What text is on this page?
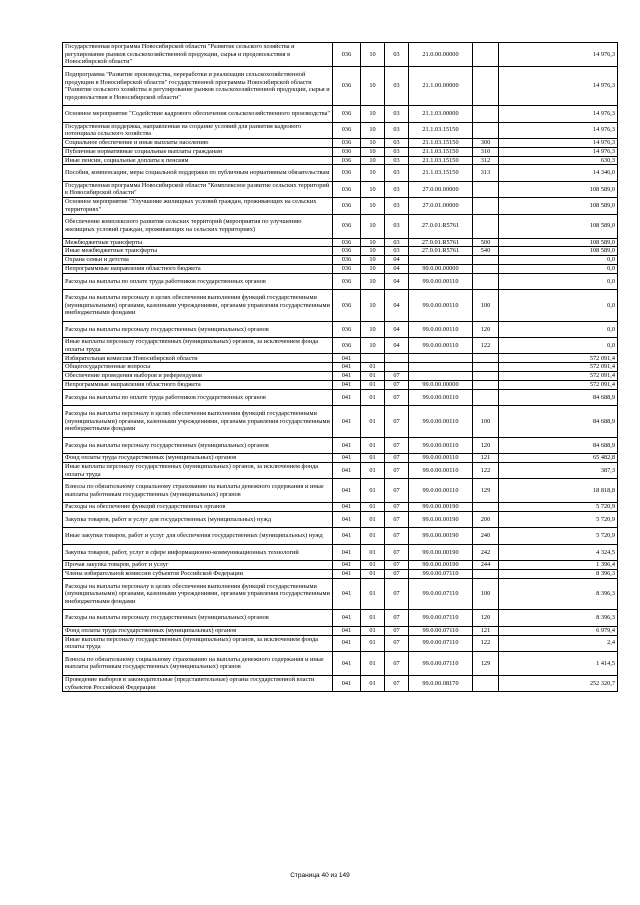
Государственная программа Новосибирской области "Развитие сельского хозяйства и регулирование рынков сельскохозяйственной продукции, сырья и продовольствия в Новосибирской области"	036	10	03	21.0.00.00000		14 976,3
Подпрограмма "Развитие производства, переработки и реализации сельскохозяйственной продукции в Новосибирской области" государственной программы Новосибирской области "Развитие сельского хозяйства и регулирование рынков сельскохозяйственной продукции, сырья и продовольствия в Новосибирской области"	036	10	03	21.1.00.00000		14 976,3
Основное мероприятие "Содействие кадрового обеспечения сельскохозяйственного производства"	036	10	03	21.1.03.00000		14 976,3
Государственная поддержка, направленная на создание условий для развития кадрового потенциала сельского хозяйства	036	10	03	21.1.03.15150		14 976,3
Социальное обеспечение и иные выплаты населению	036	10	03	21.1.03.15150	300	14 976,3
Публичные нормативные социальные выплаты гражданам	036	10	03	21.1.03.15150	310	14 976,3
Иные пенсии, социальные доплаты к пенсиям	036	10	03	21.1.03.15150	312	630,3
Пособия, компенсации, меры социальной поддержки по публичным нормативным обязательствам	036	10	03	21.1.03.15150	313	14 346,0
Государственная программа Новосибирской области "Комплексное развитие сельских территорий в Новосибирской области"	036	10	03	27.0.00.00000		108 589,0
Основное мероприятие "Улучшение жилищных условий граждан, проживающих на сельских территориях"	036	10	03	27.0.01.00000		108 589,0
Обеспечение комплексного развития сельских территорий (мероприятия по улучшению жилищных условий граждан, проживающих на сельских территориях)	036	10	03	27.0.01.R5761		108 589,0
Межбюджетные трансферты	036	10	03	27.0.01.R5761	500	108 589,0
Иные межбюджетные трансферты	036	10	03	27.0.01.R5761	540	108 589,0
Охрана семьи и детства	036	10	04			0,0
Непрограммные направления областного бюджета	036	10	04	99.0.00.00000		0,0
Расходы на выплаты по оплате труда работников государственных органов	036	10	04	99.0.00.00110		0,0
Расходы на выплаты персоналу в целях обеспечения выполнения функций государственными (муниципальными) органами, казенными учреждениями, органами управления государственными внебюджетными фондами	036	10	04	99.0.00.00110	100	0,0
Расходы на выплаты персоналу государственных (муниципальных) органов	036	10	04	99.0.00.00110	120	0,0
Иные выплаты персоналу государственных (муниципальных) органов, за исключением фонда оплаты труда	036	10	04	99.0.00.00110	122	0,0
Избирательная комиссия Новосибирской области	041					572 091,4
Общегосударственные вопросы	041	01				572 091,4
Обеспечение проведения выборов и референдумов	041	01	07			572 091,4
Непрограммные направления областного бюджета	041	01	07	99.0.00.00000		572 091,4
Расходы на выплаты по оплате труда работников государственных органов	041	01	07	99.0.00.00110		84 688,9
Расходы на выплаты персоналу в целях обеспечения выполнения функций государственными (муниципальными) органами, казенными учреждениями, органами управления государственными внебюджетными фондами	041	01	07	99.0.00.00110	100	84 688,9
Расходы на выплаты персоналу государственных (муниципальных) органов	041	01	07	99.0.00.00110	120	84 688,9
Фонд оплаты труда государственных (муниципальных) органов	041	01	07	99.0.00.00110	121	65 482,8
Иные выплаты персоналу государственных (муниципальных) органов, за исключением фонда оплаты труда	041	01	07	99.0.00.00110	122	387,3
Взносы по обязательному социальному страхованию на выплаты денежного содержания и иные выплаты работникам государственных (муниципальных) органов	041	01	07	99.0.00.00110	129	18 818,8
Расходы на обеспечение функций государственных органов	041	01	07	99.0.00.00190		5 720,9
Закупка товаров, работ и услуг для государственных (муниципальных) нужд	041	01	07	99.0.00.00190	200	5 720,9
Иные закупки товаров, работ и услуг для обеспечения государственных (муниципальных) нужд	041	01	07	99.0.00.00190	240	5 720,9
Закупка товаров, работ, услуг в сфере информационно-коммуникационных технологий	041	01	07	99.0.00.00190	242	4 324,5
Прочая закупка товаров, работ и услуг	041	01	07	99.0.00.00190	244	1 396,4
Члены избирательной комиссии субъектов Российской Федерации	041	01	07	99.0.00.07110		8 396,3
Расходы на выплаты персоналу в целях обеспечения выполнения функций государственными (муниципальными) органами, казенными учреждениями, органами управления государственными внебюджетными фондами	041	01	07	99.0.00.07110	100	8 396,3
Расходы на выплаты персоналу государственных (муниципальных) органов	041	01	07	99.0.00.07110	120	8 396,3
Фонд оплаты труда государственных (муниципальных) органов	041	01	07	99.0.00.07110	121	6 979,4
Иные выплаты персоналу государственных (муниципальных) органов, за исключением фонда оплаты труда	041	01	07	99.0.00.07110	122	2,4
Взносы по обязательному социальному страхованию на выплаты денежного содержания и иные выплаты работникам государственных (муниципальных) органов	041	01	07	99.0.00.07110	129	1 414,5
Проведение выборов в законодательные (представительные) органы государственной власти субъектов Российской Федерации	041	01	07	99.0.00.08170		252 320,7
Страница 40 из 149
